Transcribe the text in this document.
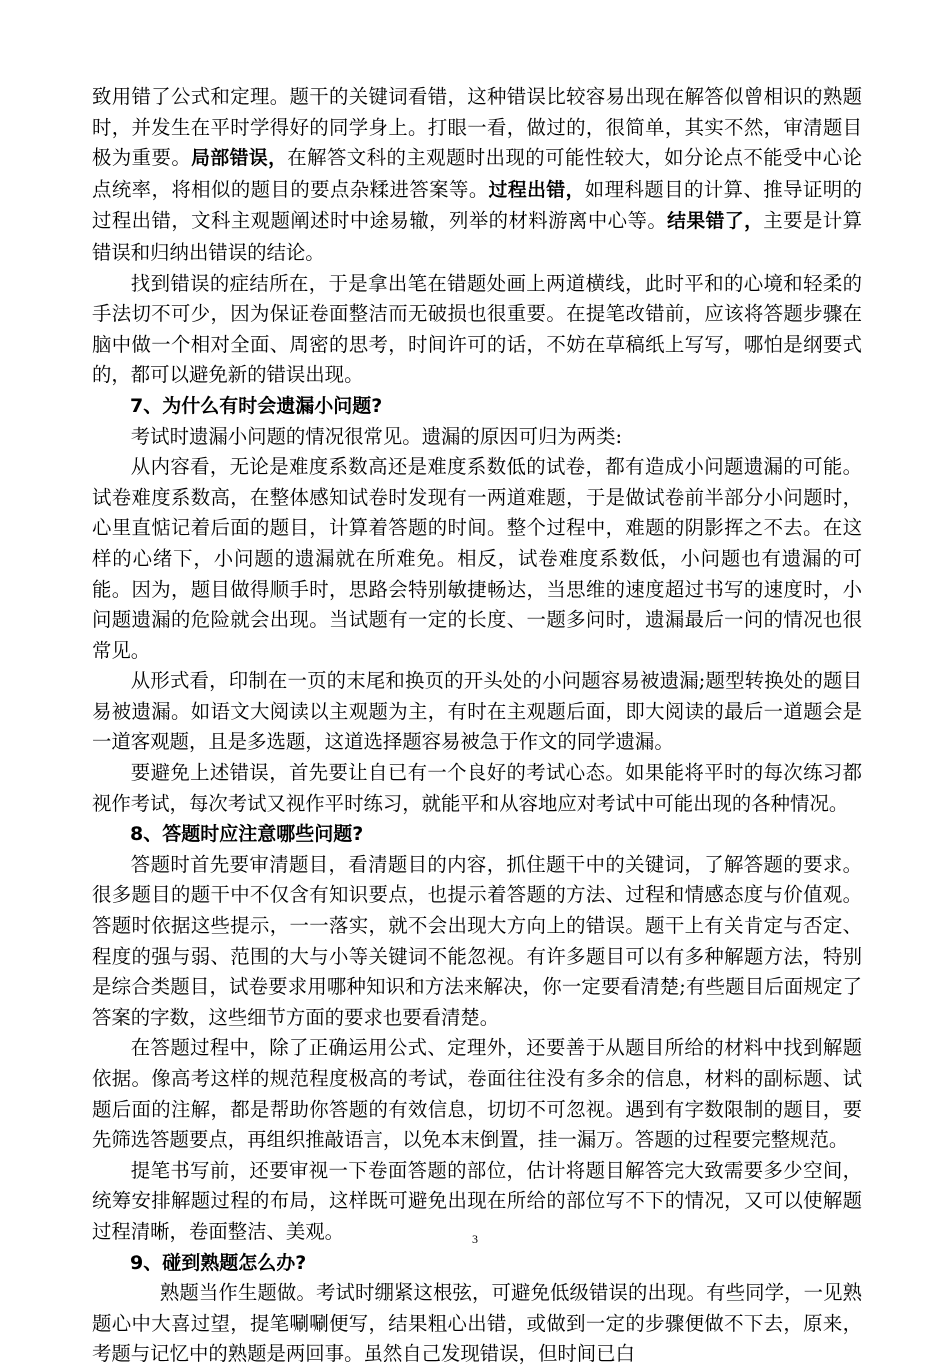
致用错了公式和定理。题干的关键词看错，这种错误比较容易出现在解答似曾相识的熟题时，并发生在平时学得好的同学身上。打眼一看，做过的，很简单，其实不然，审清题目极为重要。局部错误，在解答文科的主观题时出现的可能性较大，如分论点不能受中心论点统率，将相似的题目的要点杂糅进答案等。过程出错，如理科题目的计算、推导证明的过程出错，文科主观题阐述时中途易辙，列举的材料游离中心等。结果错了，主要是计算错误和归纳出错误的结论。

找到错误的症结所在，于是拿出笔在错题处画上两道横线，此时平和的心境和轻柔的手法切不可少，因为保证卷面整洁而无破损也很重要。在提笔改错前，应该将答题步骤在脑中做一个相对全面、周密的思考，时间许可的话，不妨在草稿纸上写写，哪怕是纲要式的，都可以避免新的错误出现。

7、为什么有时会遗漏小问题?

考试时遗漏小问题的情况很常见。遗漏的原因可归为两类:

从内容看，无论是难度系数高还是难度系数低的试卷，都有造成小问题遗漏的可能。试卷难度系数高，在整体感知试卷时发现有一两道难题，于是做试卷前半部分小问题时，心里直惦记着后面的题目，计算着答题的时间。整个过程中，难题的阴影挥之不去。在这样的心绪下，小问题的遗漏就在所难免。相反，试卷难度系数低，小问题也有遗漏的可能。因为，题目做得顺手时，思路会特别敏捷畅达，当思维的速度超过书写的速度时，小问题遗漏的危险就会出现。当试题有一定的长度、一题多问时，遗漏最后一问的情况也很常见。

从形式看，印制在一页的末尾和换页的开头处的小问题容易被遗漏;题型转换处的题目易被遗漏。如语文大阅读以主观题为主，有时在主观题后面，即大阅读的最后一道题会是一道客观题，且是多选题，这道选择题容易被急于作文的同学遗漏。

要避免上述错误，首先要让自已有一个良好的考试心态。如果能将平时的每次练习都视作考试，每次考试又视作平时练习，就能平和从容地应对考试中可能出现的各种情况。

8、答题时应注意哪些问题?

答题时首先要审清题目，看清题目的内容，抓住题干中的关键词，了解答题的要求。很多题目的题干中不仅含有知识要点，也提示着答题的方法、过程和情感态度与价值观。答题时依据这些提示，一一落实，就不会出现大方向上的错误。题干上有关肯定与否定、程度的强与弱、范围的大与小等关键词不能忽视。有许多题目可以有多种解题方法，特别是综合类题目，试卷要求用哪种知识和方法来解决，你一定要看清楚;有些题目后面规定了答案的字数，这些细节方面的要求也要看清楚。

在答题过程中，除了正确运用公式、定理外，还要善于从题目所给的材料中找到解题依据。像高考这样的规范程度极高的考试，卷面往往没有多余的信息，材料的副标题、试题后面的注解，都是帮助你答题的有效信息，切切不可忽视。遇到有字数限制的题目，要先筛选答题要点，再组织推敲语言，以免本末倒置，挂一漏万。答题的过程要完整规范。

提笔书写前，还要审视一下卷面答题的部位，估计将题目解答完大致需要多少空间，统筹安排解题过程的布局，这样既可避免出现在所给的部位写不下的情况，又可以使解题过程清晰，卷面整洁、美观。

9、碰到熟题怎么办?

熟题当作生题做。考试时绷紧这根弦，可避免低级错误的出现。有些同学，一见熟题心中大喜过望，提笔唰唰便写，结果粗心出错，或做到一定的步骤便做不下去，原来，考题与记忆中的熟题是两回事。虽然自己发现错误，但时间已白

3
